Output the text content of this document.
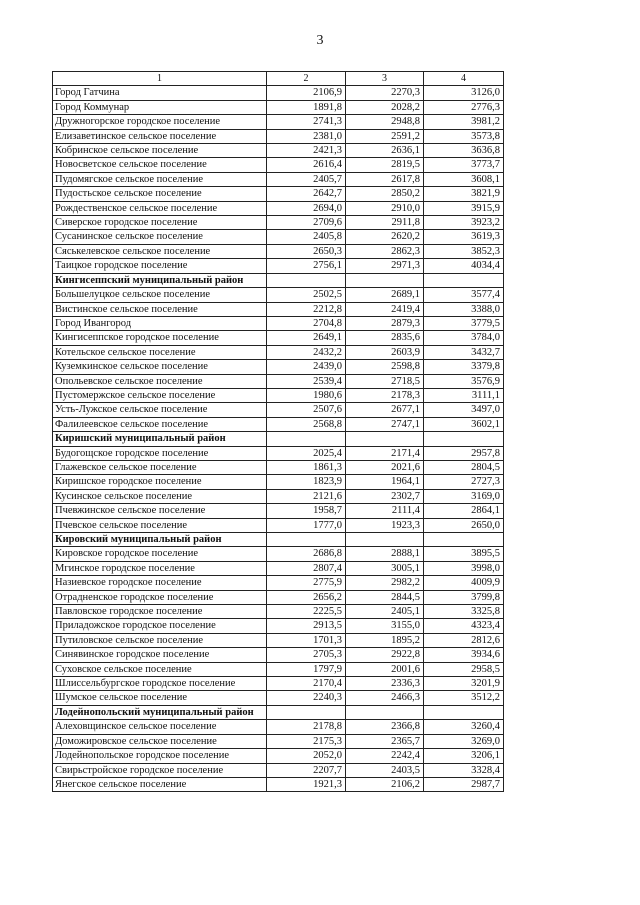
3
1	2	3	4
Город Гатчина	2106,9	2270,3	3126,0
Город Коммунар	1891,8	2028,2	2776,3
Дружногорское городское поселение	2741,3	2948,8	3981,2
Елизаветинское сельское поселение	2381,0	2591,2	3573,8
Кобринское сельское поселение	2421,3	2636,1	3636,8
Новосветское сельское поселение	2616,4	2819,5	3773,7
Пудомягское сельское поселение	2405,7	2617,8	3608,1
Пудостьское сельское поселение	2642,7	2850,2	3821,9
Рождественское сельское поселение	2694,0	2910,0	3915,9
Сиверское городское поселение	2709,6	2911,8	3923,2
Сусанинское сельское поселение	2405,8	2620,2	3619,3
Сяськелевское сельское поселение	2650,3	2862,3	3852,3
Таицкое городское поселение	2756,1	2971,3	4034,4
Кингисеппский муниципальный район			
Большелуцкое сельское поселение	2502,5	2689,1	3577,4
Вистинское сельское поселение	2212,8	2419,4	3388,0
Город Ивангород	2704,8	2879,3	3779,5
Кингисеппское городское поселение	2649,1	2835,6	3784,0
Котельское сельское поселение	2432,2	2603,9	3432,7
Куземкинское сельское поселение	2439,0	2598,8	3379,8
Опольевское сельское поселение	2539,4	2718,5	3576,9
Пустомержское сельское поселение	1980,6	2178,3	3111,1
Усть-Лужское сельское поселение	2507,6	2677,1	3497,0
Фалилеевское сельское поселение	2568,8	2747,1	3602,1
Киришский муниципальный район			
Будогощское городское поселение	2025,4	2171,4	2957,8
Глажевское сельское поселение	1861,3	2021,6	2804,5
Киришское городское поселение	1823,9	1964,1	2727,3
Кусинское сельское поселение	2121,6	2302,7	3169,0
Пчевжинское сельское поселение	1958,7	2111,4	2864,1
Пчевское сельское поселение	1777,0	1923,3	2650,0
Кировский муниципальный район			
Кировское городское поселение	2686,8	2888,1	3895,5
Мгинское городское поселение	2807,4	3005,1	3998,0
Назиевское городское поселение	2775,9	2982,2	4009,9
Отрадненское городское поселение	2656,2	2844,5	3799,8
Павловское городское поселение	2225,5	2405,1	3325,8
Приладожское городское поселение	2913,5	3155,0	4323,4
Путиловское сельское поселение	1701,3	1895,2	2812,6
Синявинское городское поселение	2705,3	2922,8	3934,6
Суховское сельское поселение	1797,9	2001,6	2958,5
Шлиссельбургское городское поселение	2170,4	2336,3	3201,9
Шумское сельское поселение	2240,3	2466,3	3512,2
Лодейнопольский муниципальный район			
Алеховщинское сельское поселение	2178,8	2366,8	3260,4
Доможировское сельское поселение	2175,3	2365,7	3269,0
Лодейнопольское городское поселение	2052,0	2242,4	3206,1
Свирьстройское городское поселение	2207,7	2403,5	3328,4
Янегское сельское поселение	1921,3	2106,2	2987,7
